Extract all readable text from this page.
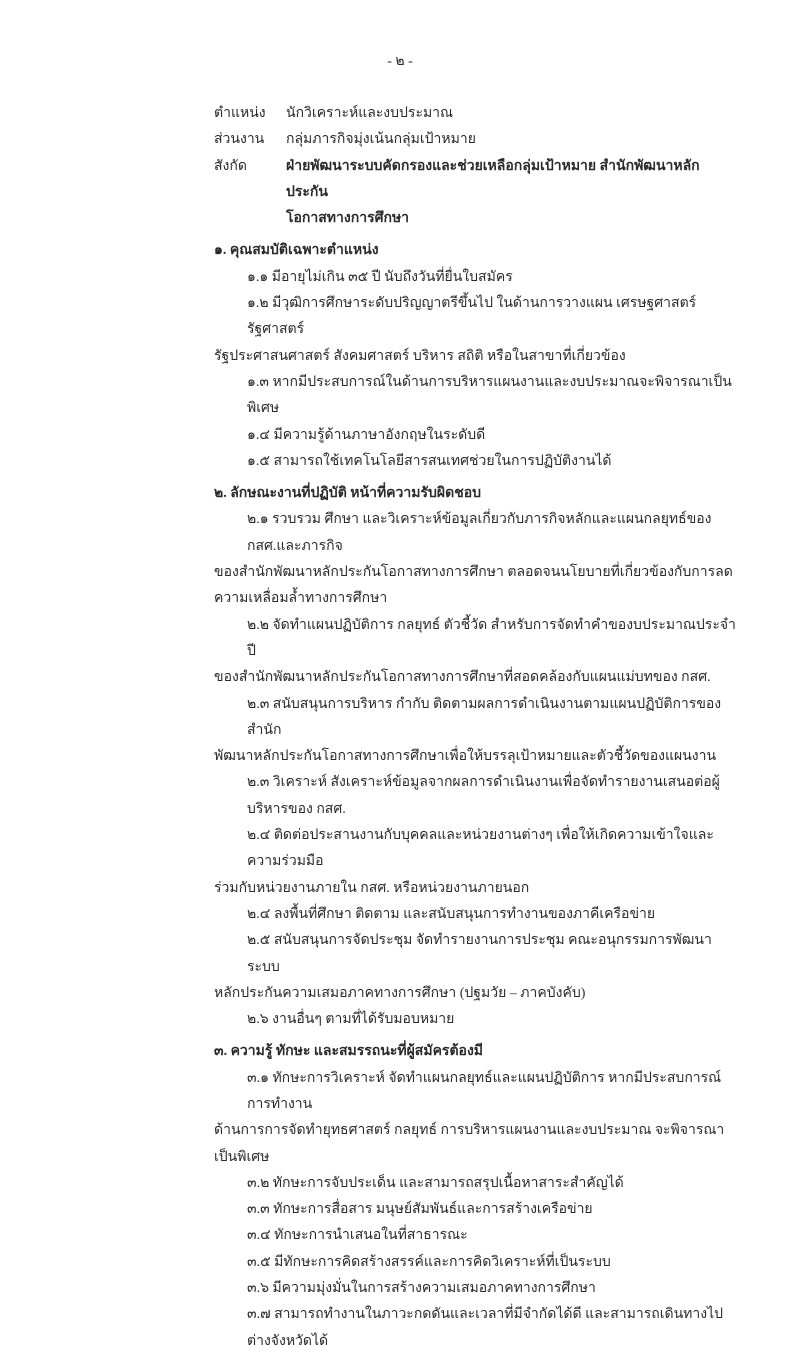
- ๒ -
ตำแหน่ง	นักวิเคราะห์และงบประมาณ
ส่วนงาน	กลุ่มภารกิจมุ่งเน้นกลุ่มเป้าหมาย
สังกัด	ฝ่ายพัฒนาระบบคัดกรองและช่วยเหลือกลุ่มเป้าหมาย สำนักพัฒนาหลักประกัน
โอกาสทางการศึกษา
๑. คุณสมบัติเฉพาะตำแหน่ง
๑.๑ มีอายุไม่เกิน ๓๕ ปี นับถึงวันที่ยื่นใบสมัคร
๑.๒ มีวุฒิการศึกษาระดับปริญญาตรีขึ้นไป ในด้านการวางแผน เศรษฐศาสตร์ รัฐศาสตร์
รัฐประศาสนศาสตร์ สังคมศาสตร์ บริหาร สถิติ หรือในสาขาที่เกี่ยวข้อง
๑.๓ หากมีประสบการณ์ในด้านการบริหารแผนงานและงบประมาณจะพิจารณาเป็นพิเศษ
๑.๔ มีความรู้ด้านภาษาอังกฤษในระดับดี
๑.๕ สามารถใช้เทคโนโลยีสารสนเทศช่วยในการปฏิบัติงานได้
๒. ลักษณะงานที่ปฏิบัติ หน้าที่ความรับผิดชอบ
๒.๑ รวบรวม ศึกษา และวิเคราะห์ข้อมูลเกี่ยวกับภารกิจหลักและแผนกลยุทธ์ของ กสศ.และภารกิจ
ของสำนักพัฒนาหลักประกันโอกาสทางการศึกษา ตลอดจนนโยบายที่เกี่ยวข้องกับการลดความเหลื่อมล้ำทางการศึกษา
๒.๒ จัดทำแผนปฏิบัติการ กลยุทธ์ ตัวชี้วัด สำหรับการจัดทำคำของบประมาณประจำปี
ของสำนักพัฒนาหลักประกันโอกาสทางการศึกษาที่สอดคล้องกับแผนแม่บทของ กสศ.
๒.๓ สนับสนุนการบริหาร กำกับ ติดตามผลการดำเนินงานตามแผนปฏิบัติการของสำนัก
พัฒนาหลักประกันโอกาสทางการศึกษาเพื่อให้บรรลุเป้าหมายและตัวชี้วัดของแผนงาน
๒.๓ วิเคราะห์ สังเคราะห์ข้อมูลจากผลการดำเนินงานเพื่อจัดทำรายงานเสนอต่อผู้บริหารของ กสศ.
๒.๔ ติดต่อประสานงานกับบุคคลและหน่วยงานต่างๆ เพื่อให้เกิดความเข้าใจและความร่วมมือ
ร่วมกับหน่วยงานภายใน กสศ. หรือหน่วยงานภายนอก
๒.๔ ลงพื้นที่ศึกษา ติดตาม และสนับสนุนการทำงานของภาคีเครือข่าย
๒.๕ สนับสนุนการจัดประชุม จัดทำรายงานการประชุม คณะอนุกรรมการพัฒนาระบบ
หลักประกันความเสมอภาคทางการศึกษา (ปฐมวัย – ภาคบังคับ)
๒.๖ งานอื่นๆ ตามที่ได้รับมอบหมาย
๓. ความรู้ ทักษะ และสมรรถนะที่ผู้สมัครต้องมี
๓.๑ ทักษะการวิเคราะห์ จัดทำแผนกลยุทธ์และแผนปฏิบัติการ หากมีประสบการณ์การทำงาน
ด้านการการจัดทำยุทธศาสตร์ กลยุทธ์ การบริหารแผนงานและงบประมาณ จะพิจารณาเป็นพิเศษ
๓.๒ ทักษะการจับประเด็น และสามารถสรุปเนื้อหาสาระสำคัญได้
๓.๓ ทักษะการสื่อสาร มนุษย์สัมพันธ์และการสร้างเครือข่าย
๓.๔ ทักษะการนำเสนอในที่สาธารณะ
๓.๕ มีทักษะการคิดสร้างสรรค์และการคิดวิเคราะห์ที่เป็นระบบ
๓.๖ มีความมุ่งมั่นในการสร้างความเสมอภาคทางการศึกษา
๓.๗ สามารถทำงานในภาวะกดดันและเวลาที่มีจำกัดได้ดี และสามารถเดินทางไปต่างจังหวัดได้
